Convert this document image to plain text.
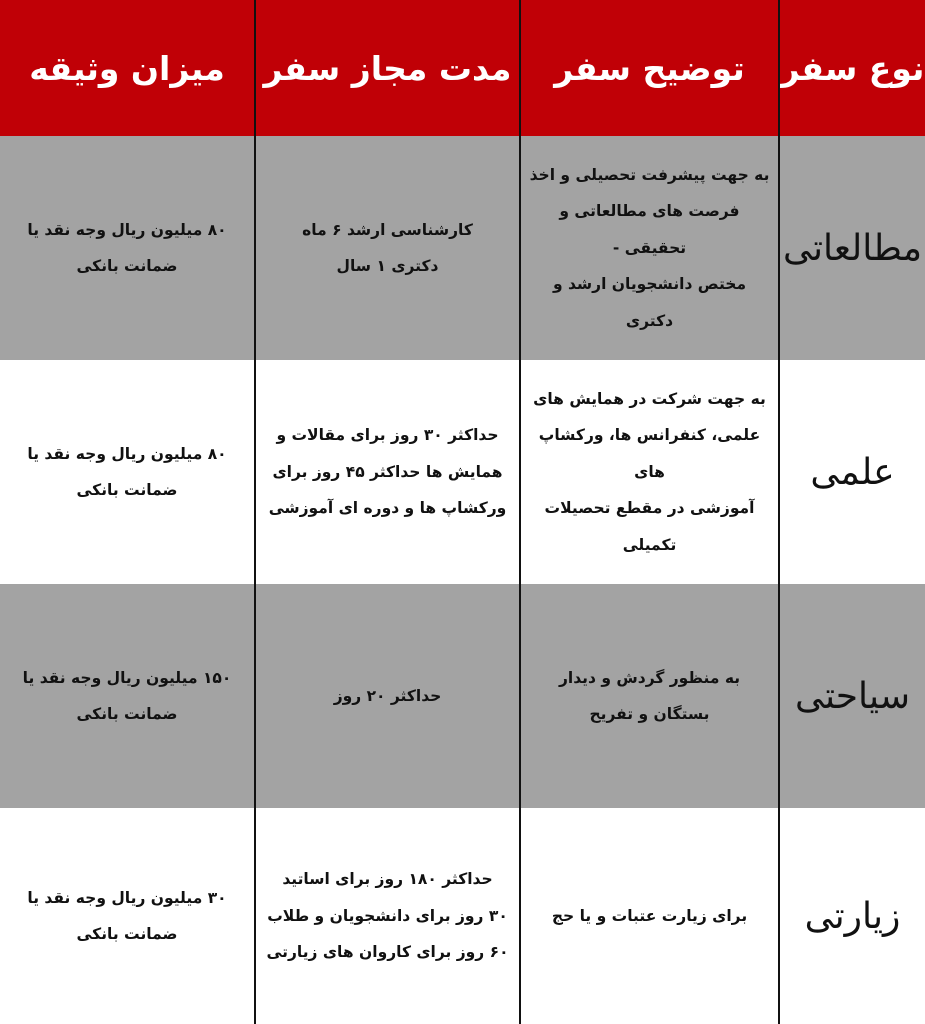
نوع سفر
توضیح سفر
مدت مجاز سفر
میزان وثیقه
مطالعاتی
به جهت پیشرفت تحصیلی و اخذ
فرصت های مطالعاتی و تحقیقی -
مختص دانشجویان ارشد و دکتری
کارشناسی ارشد ۶ ماه
دکتری ۱ سال
۸۰ میلیون ریال وجه نقد یا
ضمانت بانکی
علمی
به جهت شرکت در همایش های
علمی، کنفرانس ها، ورکشاپ های
آموزشی در مقطع تحصیلات تکمیلی
حداکثر ۳۰ روز برای مقالات و
همایش ها حداکثر ۴۵ روز برای
ورکشاپ ها و دوره ای آموزشی
۸۰ میلیون ریال وجه نقد یا
ضمانت بانکی
سیاحتی
به منظور گردش و دیدار
بستگان و تفریح
حداکثر ۲۰ روز
۱۵۰ میلیون ریال وجه نقد یا
ضمانت بانکی
زیارتی
برای زیارت عتبات و یا حج
حداکثر ۱۸۰ روز برای اساتید
۳۰ روز برای دانشجویان و طلاب
۶۰ روز برای کاروان های زیارتی
۳۰ میلیون ریال وجه نقد یا
ضمانت بانکی
